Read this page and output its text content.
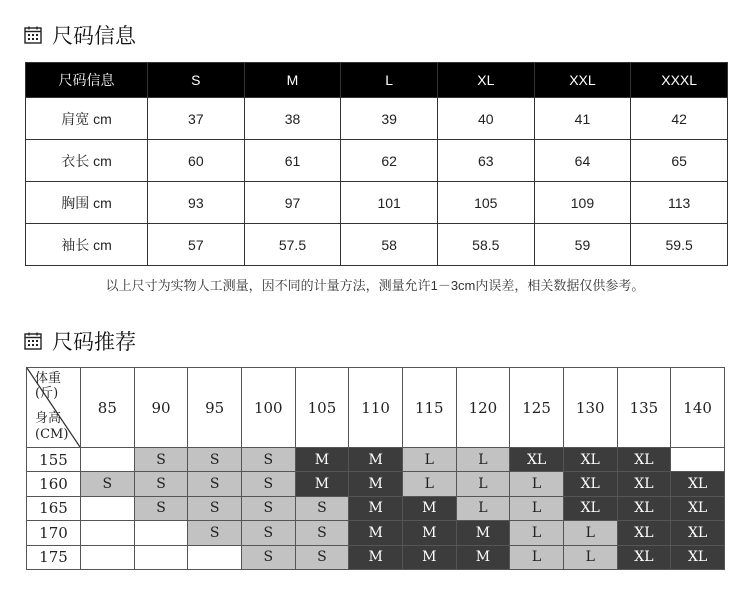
尺码信息
尺码信息	S	M	L	XL	XXL	XXXL
肩宽 cm	37	38	39	40	41	42
衣长 cm	60	61	62	63	64	65
胸围 cm	93	97	101	105	109	113
袖长 cm	57	57.5	58	58.5	59	59.5
以上尺寸为实物人工测量，因不同的计量方法，测量允许1－3cm内误差，相关数据仅供参考。
尺码推荐
体重
(斤)
身高
(CM)	85	90	95	100	105	110	115	120	125	130	135	140
155		S	S	S	M	M	L	L	XL	XL	XL	
160	S	S	S	S	M	M	L	L	L	XL	XL	XL
165		S	S	S	S	M	M	L	L	XL	XL	XL
170			S	S	S	M	M	M	L	L	XL	XL
175				S	S	M	M	M	L	L	XL	XL
